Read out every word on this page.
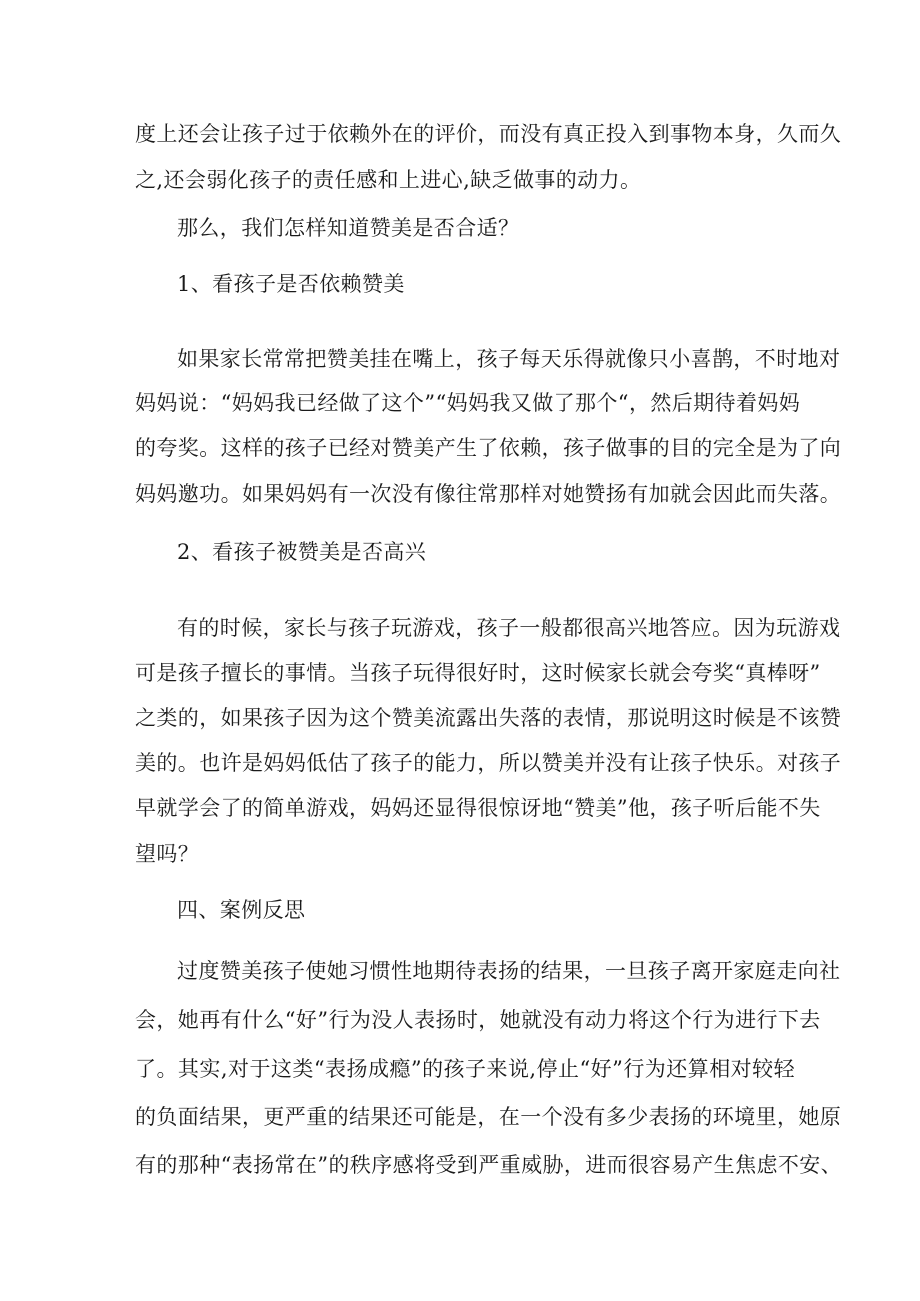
度上还会让孩子过于依赖外在的评价，而没有真正投入到事物本身，久而久
之,还会弱化孩子的责任感和上进心,缺乏做事的动力。
那么，我们怎样知道赞美是否合适？
1、看孩子是否依赖赞美
如果家长常常把赞美挂在嘴上，孩子每天乐得就像只小喜鹊，不时地对
妈妈说：“妈妈我已经做了这个”“妈妈我又做了那个“，然后期待着妈妈
的夸奖。这样的孩子已经对赞美产生了依赖，孩子做事的目的完全是为了向
妈妈邀功。如果妈妈有一次没有像往常那样对她赞扬有加就会因此而失落。
2、看孩子被赞美是否高兴
有的时候，家长与孩子玩游戏，孩子一般都很高兴地答应。因为玩游戏
可是孩子擅长的事情。当孩子玩得很好时，这时候家长就会夸奖“真棒呀”
之类的，如果孩子因为这个赞美流露出失落的表情，那说明这时候是不该赞
美的。也许是妈妈低估了孩子的能力，所以赞美并没有让孩子快乐。对孩子
早就学会了的简单游戏，妈妈还显得很惊讶地“赞美”他，孩子听后能不失
望吗？
四、案例反思
过度赞美孩子使她习惯性地期待表扬的结果，一旦孩子离开家庭走向社
会，她再有什么“好”行为没人表扬时，她就没有动力将这个行为进行下去
了。其实,对于这类“表扬成瘾”的孩子来说,停止“好”行为还算相对较轻
的负面结果，更严重的结果还可能是，在一个没有多少表扬的环境里，她原
有的那种“表扬常在”的秩序感将受到严重威胁，进而很容易产生焦虑不安、
